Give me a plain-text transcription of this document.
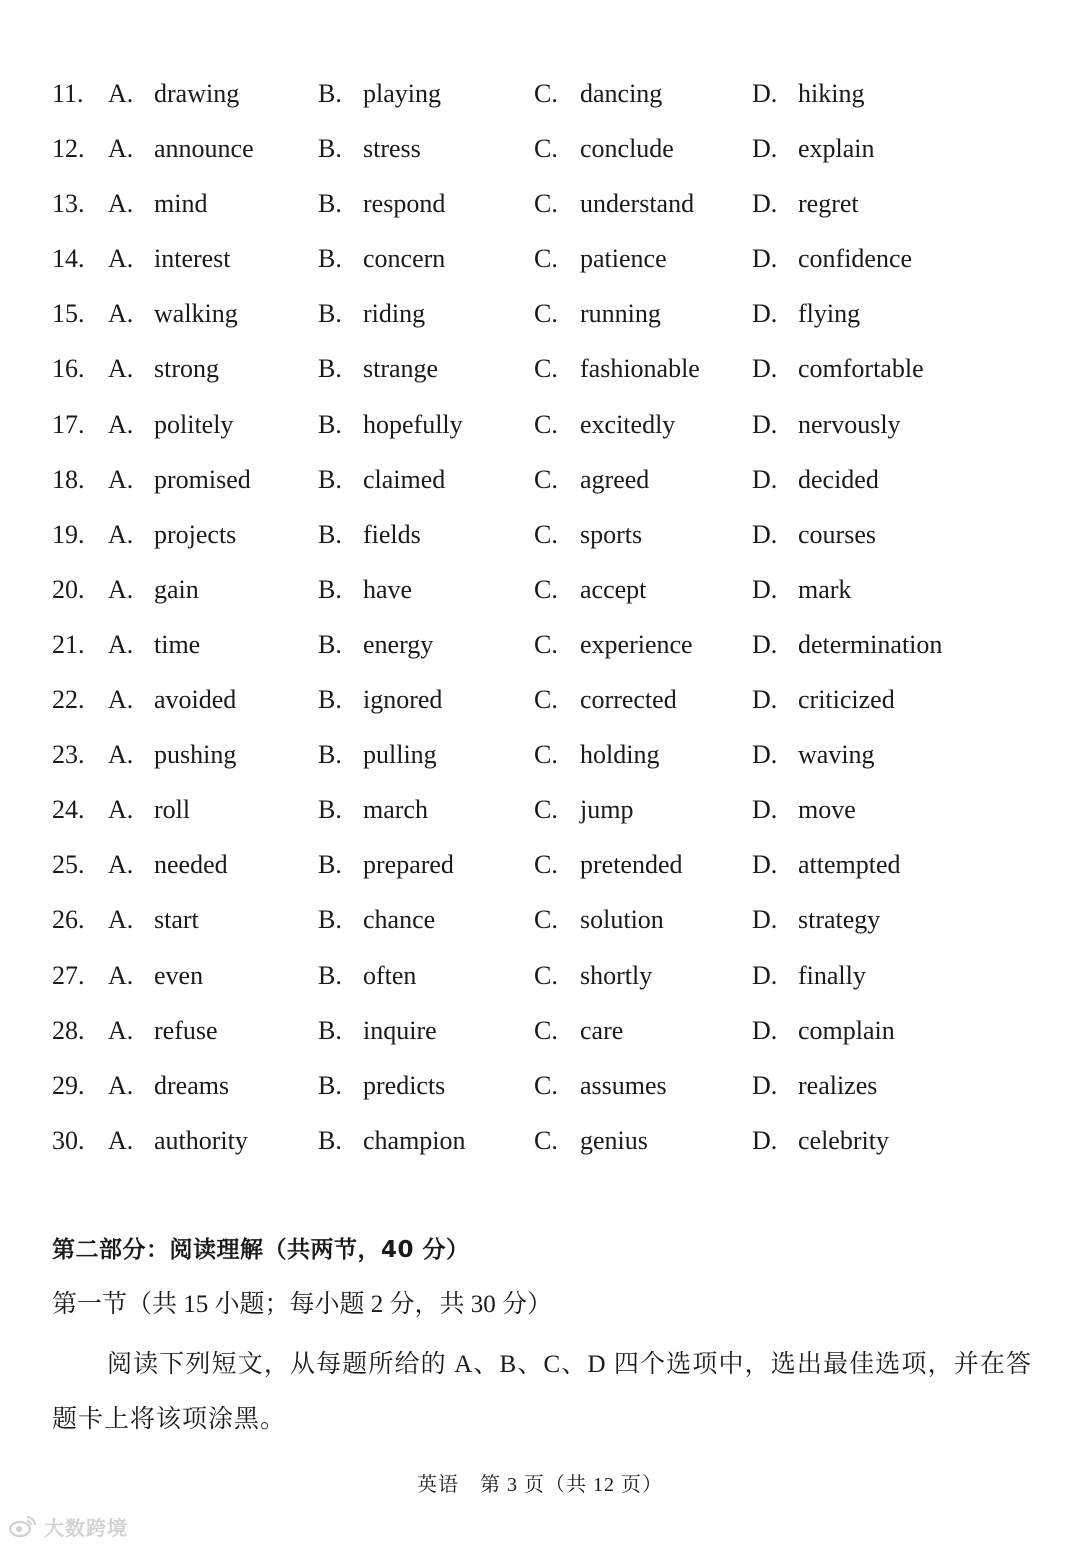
11. A. drawing	B. playing	C. dancing	D. hiking
12. A. announce B. stress	C. conclude	D. explain
13. A. mind	B. respond	C. understand D. regret
14. A. interest	B. concern	C. patience	D. confidence
15. A. walking	B. riding	C. running	D. flying
16. A. strong	B. strange	C. fashionable D. comfortable
17. A. politely	B. hopefully	C. excitedly	D. nervously
18. A. promised	B. claimed	C. agreed	D. decided
19. A. projects	B. fields	C. sports	D. courses
20. A. gain	B. have	C. accept	D. mark
21. A. time	B. energy	C. experience D. determination
22. A. avoided	B. ignored	C. corrected	D. criticized
23. A. pushing	B. pulling	C. holding	D. waving
24. A. roll	B. march	C. jump	D. move
25. A. needed	B. prepared	C. pretended	D. attempted
26. A. start	B. chance	C. solution	D. strategy
27. A. even	B. often	C. shortly	D. finally
28. A. refuse	B. inquire	C. care	D. complain
29. A. dreams	B. predicts	C. assumes	D. realizes
30. A. authority	B. champion	C. genius	D. celebrity
第二部分：阅读理解（共两节，40 分）
第一节（共 15 小题；每小题 2 分，共 30 分）
阅读下列短文，从每题所给的 A、B、C、D 四个选项中，选出最佳选项，并在答题卡上将该项涂黑。
英语　第 3 页（共 12 页）
大数跨境
